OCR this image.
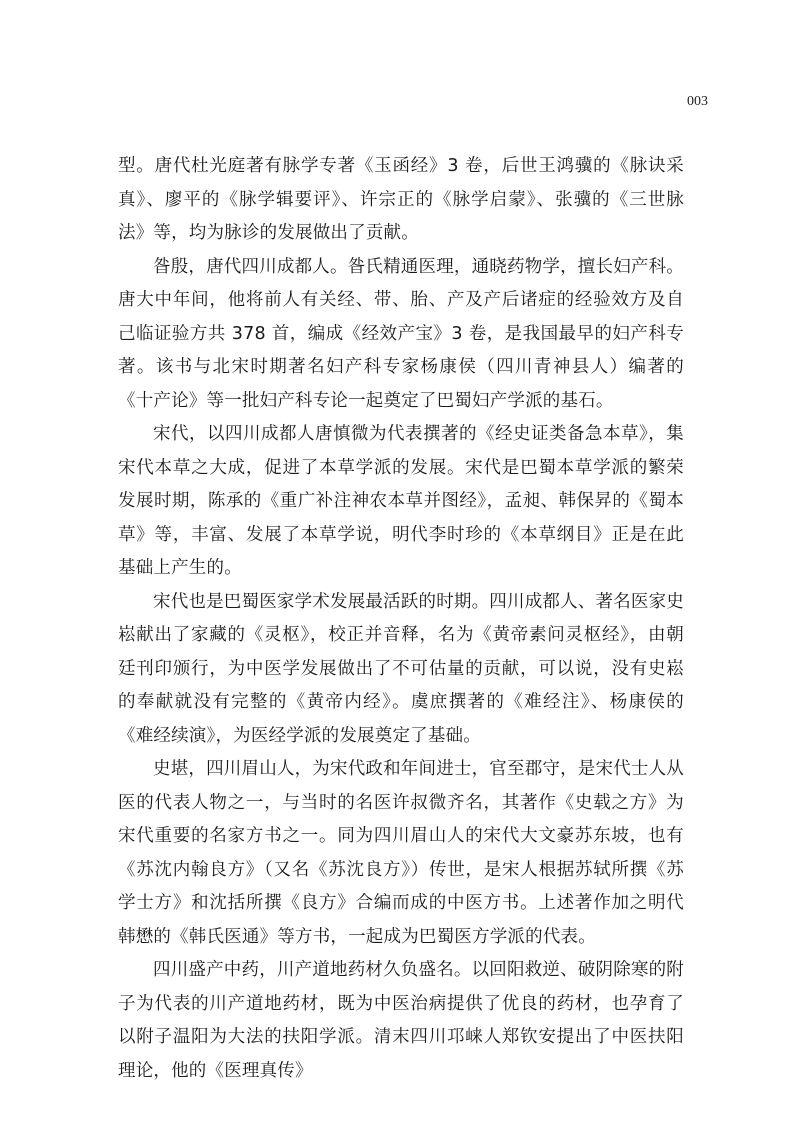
003

型。唐代杜光庭著有脉学专著《玉函经》3 卷，后世王鸿骥的《脉诀采真》、廖平的《脉学辑要评》、许宗正的《脉学启蒙》、张骥的《三世脉法》等，均为脉诊的发展做出了贡献。

昝殷，唐代四川成都人。昝氏精通医理，通晓药物学，擅长妇产科。唐大中年间，他将前人有关经、带、胎、产及产后诸症的经验效方及自己临证验方共 378 首，编成《经效产宝》3 卷，是我国最早的妇产科专著。该书与北宋时期著名妇产科专家杨康侯（四川青神县人）编著的《十产论》等一批妇产科专论一起奠定了巴蜀妇产学派的基石。

宋代，以四川成都人唐慎微为代表撰著的《经史证类备急本草》，集宋代本草之大成，促进了本草学派的发展。宋代是巴蜀本草学派的繁荣发展时期，陈承的《重广补注神农本草并图经》，孟昶、韩保昇的《蜀本草》等，丰富、发展了本草学说，明代李时珍的《本草纲目》正是在此基础上产生的。

宋代也是巴蜀医家学术发展最活跃的时期。四川成都人、著名医家史崧献出了家藏的《灵枢》，校正并音释，名为《黄帝素问灵枢经》，由朝廷刊印颁行，为中医学发展做出了不可估量的贡献，可以说，没有史崧的奉献就没有完整的《黄帝内经》。虞庶撰著的《难经注》、杨康侯的《难经续演》，为医经学派的发展奠定了基础。

史堪，四川眉山人，为宋代政和年间进士，官至郡守，是宋代士人从医的代表人物之一，与当时的名医许叔微齐名，其著作《史载之方》为宋代重要的名家方书之一。同为四川眉山人的宋代大文豪苏东坡，也有《苏沈内翰良方》（又名《苏沈良方》）传世，是宋人根据苏轼所撰《苏学士方》和沈括所撰《良方》合编而成的中医方书。上述著作加之明代韩懋的《韩氏医通》等方书，一起成为巴蜀医方学派的代表。

四川盛产中药，川产道地药材久负盛名。以回阳救逆、破阴除寒的附子为代表的川产道地药材，既为中医治病提供了优良的药材，也孕育了以附子温阳为大法的扶阳学派。清末四川邛崃人郑钦安提出了中医扶阳理论，他的《医理真传》
